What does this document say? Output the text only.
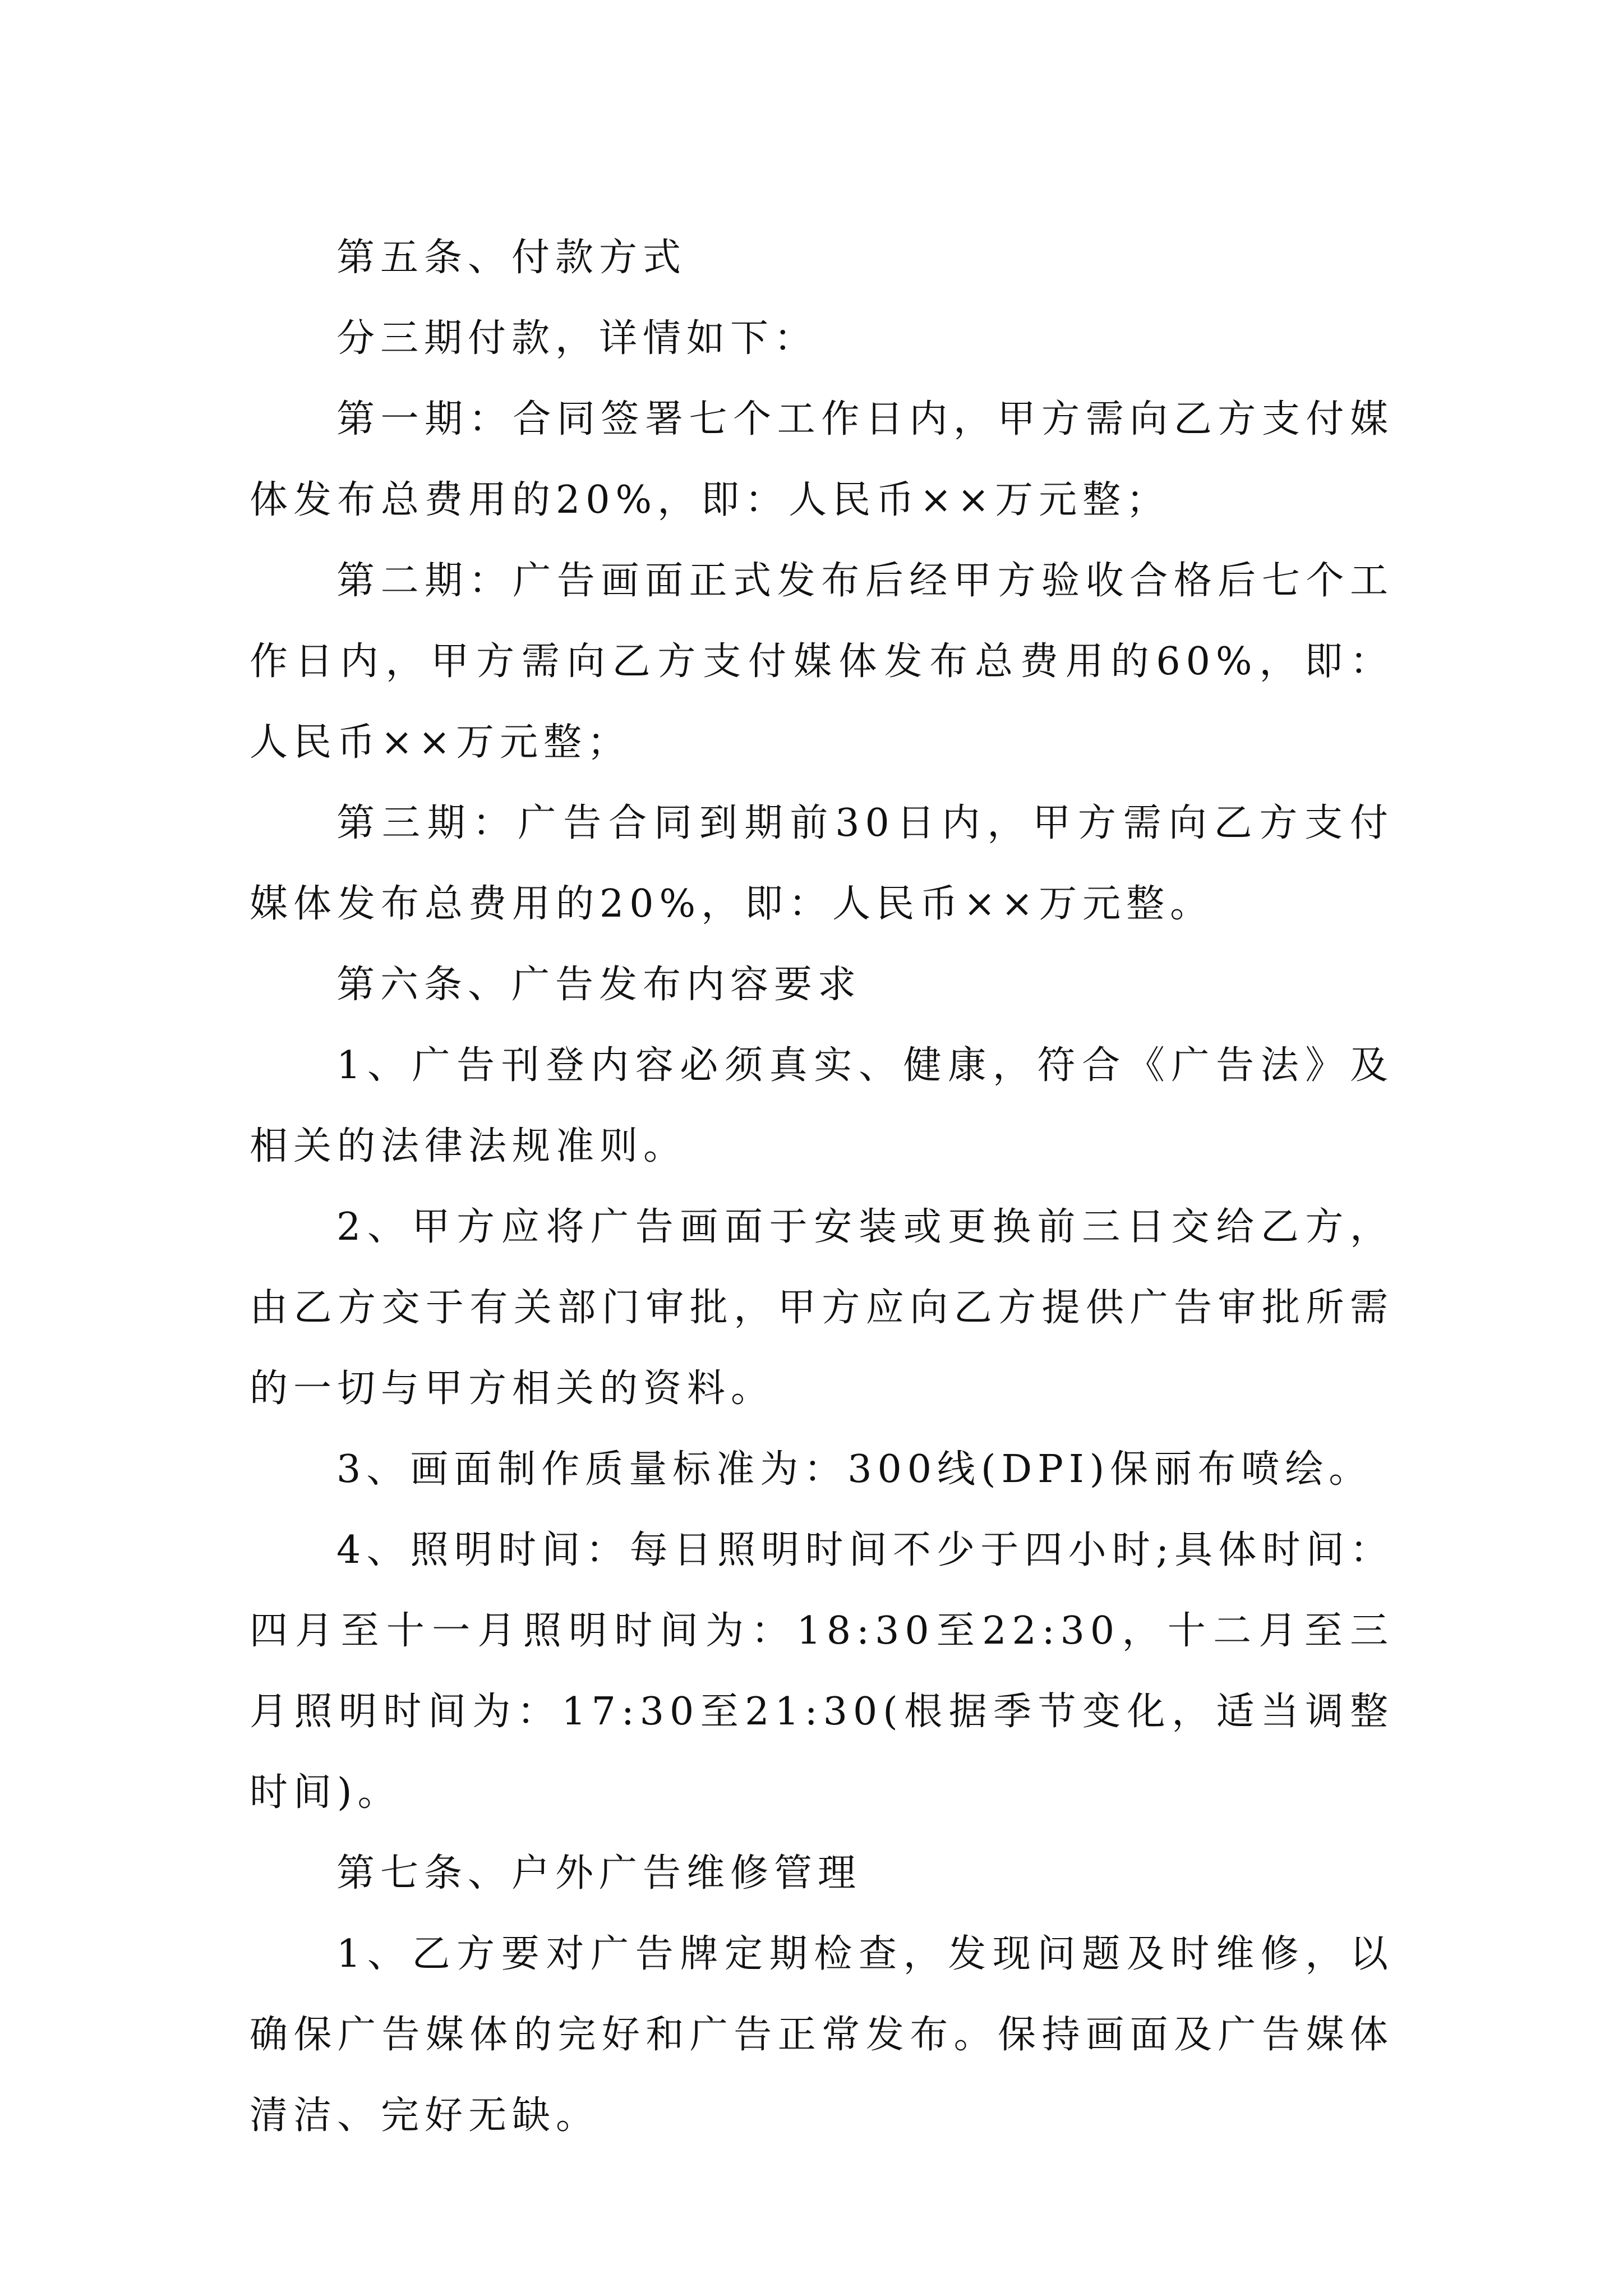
第五条、付款方式

分三期付款，详情如下：

第一期：合同签署七个工作日内，甲方需向乙方支付媒体发布总费用的20%，即：人民币××万元整；

第二期：广告画面正式发布后经甲方验收合格后七个工作日内，甲方需向乙方支付媒体发布总费用的60%，即：人民币××万元整；

第三期：广告合同到期前30日内，甲方需向乙方支付媒体发布总费用的20%，即：人民币××万元整。

第六条、广告发布内容要求

1、广告刊登内容必须真实、健康，符合《广告法》及相关的法律法规准则。

2、甲方应将广告画面于安装或更换前三日交给乙方，由乙方交于有关部门审批，甲方应向乙方提供广告审批所需的一切与甲方相关的资料。

3、画面制作质量标准为：300线(DPI)保丽布喷绘。

4、照明时间：每日照明时间不少于四小时;具体时间：四月至十一月照明时间为：18:30至22:30，十二月至三月照明时间为：17:30至21:30(根据季节变化，适当调整时间)。

第七条、户外广告维修管理

1、乙方要对广告牌定期检查，发现问题及时维修，以确保广告媒体的完好和广告正常发布。保持画面及广告媒体清洁、完好无缺。
